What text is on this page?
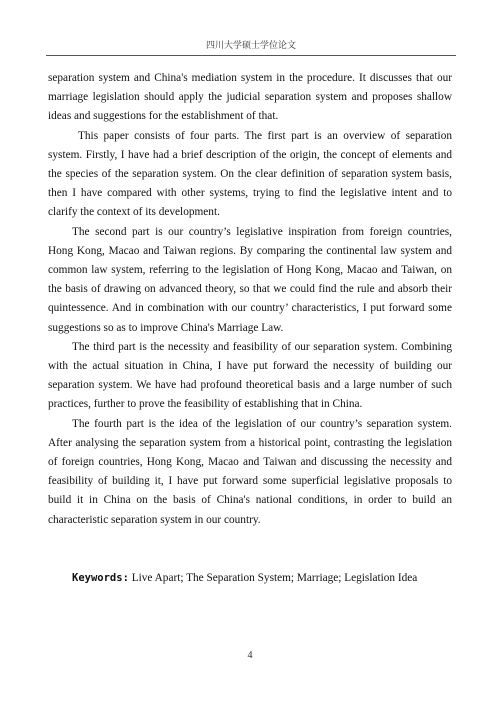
四川大学硕士学位论文

separation system and China's mediation system in the procedure. It discusses that our marriage legislation should apply the judicial separation system and proposes shallow ideas and suggestions for the establishment of that.

This paper consists of four parts. The first part is an overview of separation system. Firstly, I have had a brief description of the origin, the concept of elements and the species of the separation system. On the clear definition of separation system basis, then I have compared with other systems, trying to find the legislative intent and to clarify the context of its development.

The second part is our country’s legislative inspiration from foreign countries, Hong Kong, Macao and Taiwan regions. By comparing the continental law system and common law system, referring to the legislation of Hong Kong, Macao and Taiwan, on the basis of drawing on advanced theory, so that we could find the rule and absorb their quintessence. And in combination with our country’ characteristics, I put forward some suggestions so as to improve China's Marriage Law.

The third part is the necessity and feasibility of our separation system. Combining with the actual situation in China, I have put forward the necessity of building our separation system. We have had profound theoretical basis and a large number of such practices, further to prove the feasibility of establishing that in China.

The fourth part is the idea of the legislation of our country’s separation system. After analysing the separation system from a historical point, contrasting the legislation of foreign countries, Hong Kong, Macao and Taiwan and discussing the necessity and feasibility of building it, I have put forward some superficial legislative proposals to build it in China on the basis of China's national conditions, in order to build an characteristic separation system in our country.

Keywords: Live Apart; The Separation System; Marriage; Legislation Idea
4
